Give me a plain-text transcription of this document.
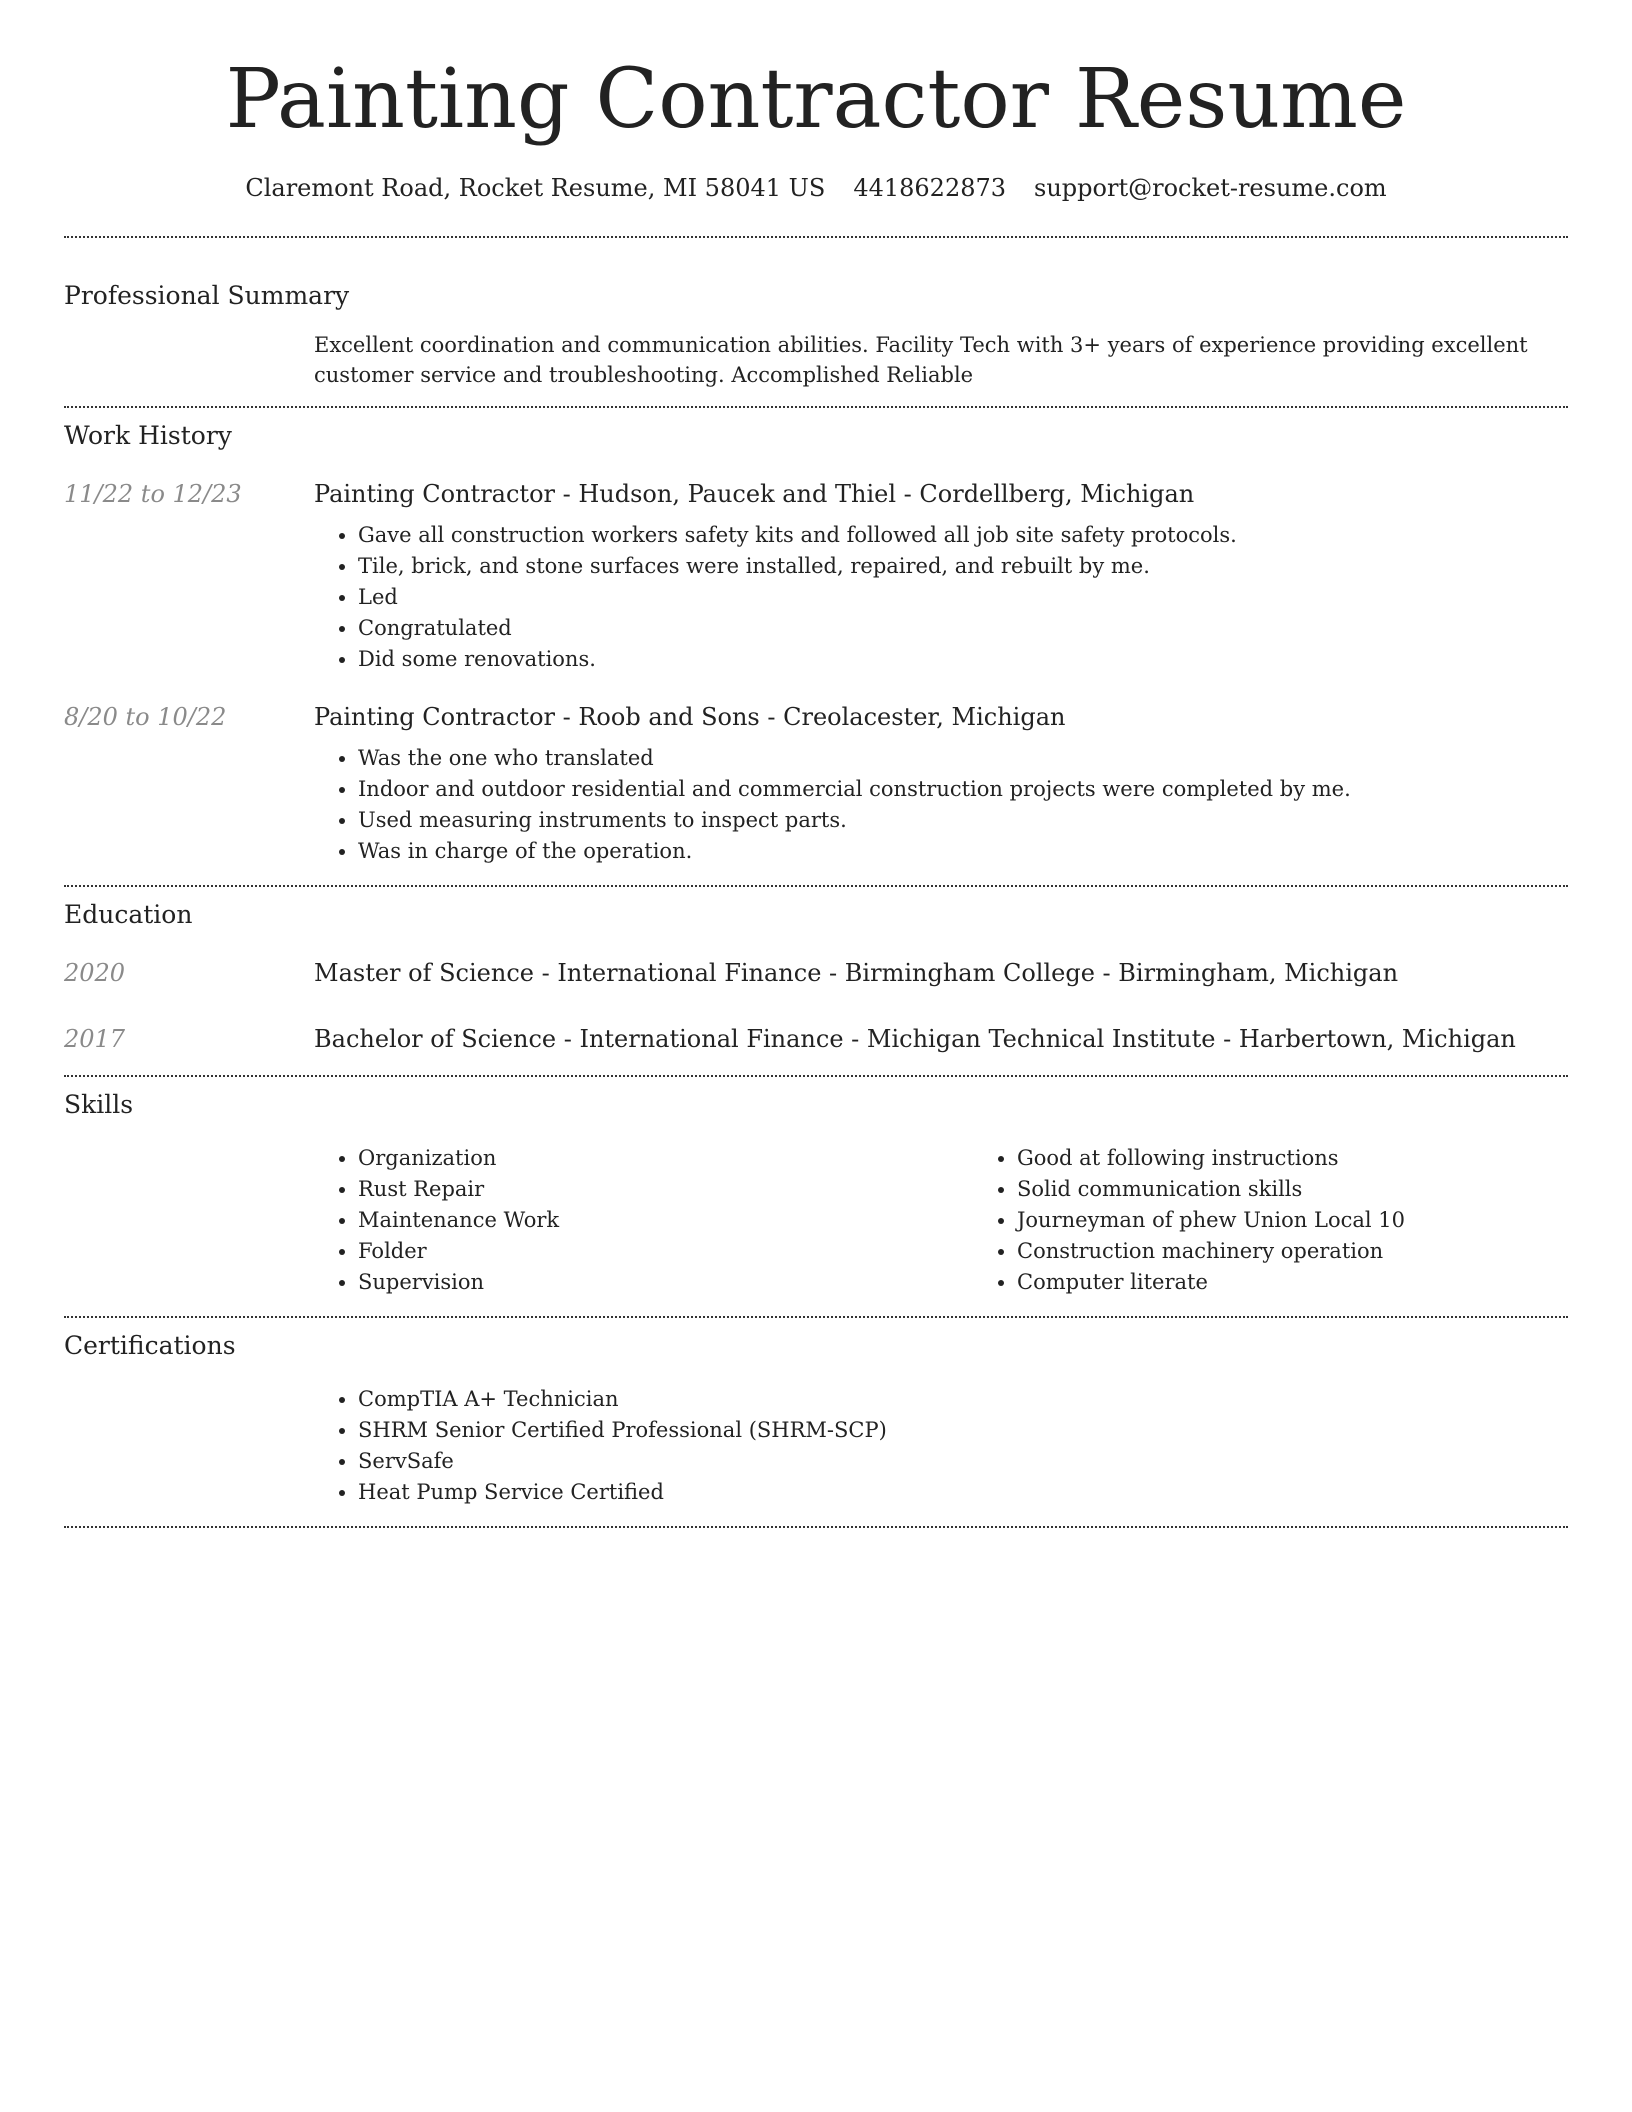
Painting Contractor Resume
Claremont Road, Rocket Resume, MI 58041 US 4418622873 support@rocket-resume.com
Professional Summary
Excellent coordination and communication abilities. Facility Tech with 3+ years of experience providing excellent customer service and troubleshooting. Accomplished Reliable
Work History
11/22 to 12/23	Painting Contractor - Hudson, Paucek and Thiel - Cordellberg, Michigan
• Gave all construction workers safety kits and followed all job site safety protocols.
• Tile, brick, and stone surfaces were installed, repaired, and rebuilt by me.
• Led
• Congratulated
• Did some renovations.
8/20 to 10/22	Painting Contractor - Roob and Sons - Creolacester, Michigan
• Was the one who translated
• Indoor and outdoor residential and commercial construction projects were completed by me.
• Used measuring instruments to inspect parts.
• Was in charge of the operation.
Education
2020	Master of Science - International Finance - Birmingham College - Birmingham, Michigan
2017	Bachelor of Science - International Finance - Michigan Technical Institute - Harbertown, Michigan
Skills
• Organization
• Rust Repair
• Maintenance Work
• Folder
• Supervision
• Good at following instructions
• Solid communication skills
• Journeyman of phew Union Local 10
• Construction machinery operation
• Computer literate
Certifications
• CompTIA A+ Technician
• SHRM Senior Certified Professional (SHRM-SCP)
• ServSafe
• Heat Pump Service Certified
